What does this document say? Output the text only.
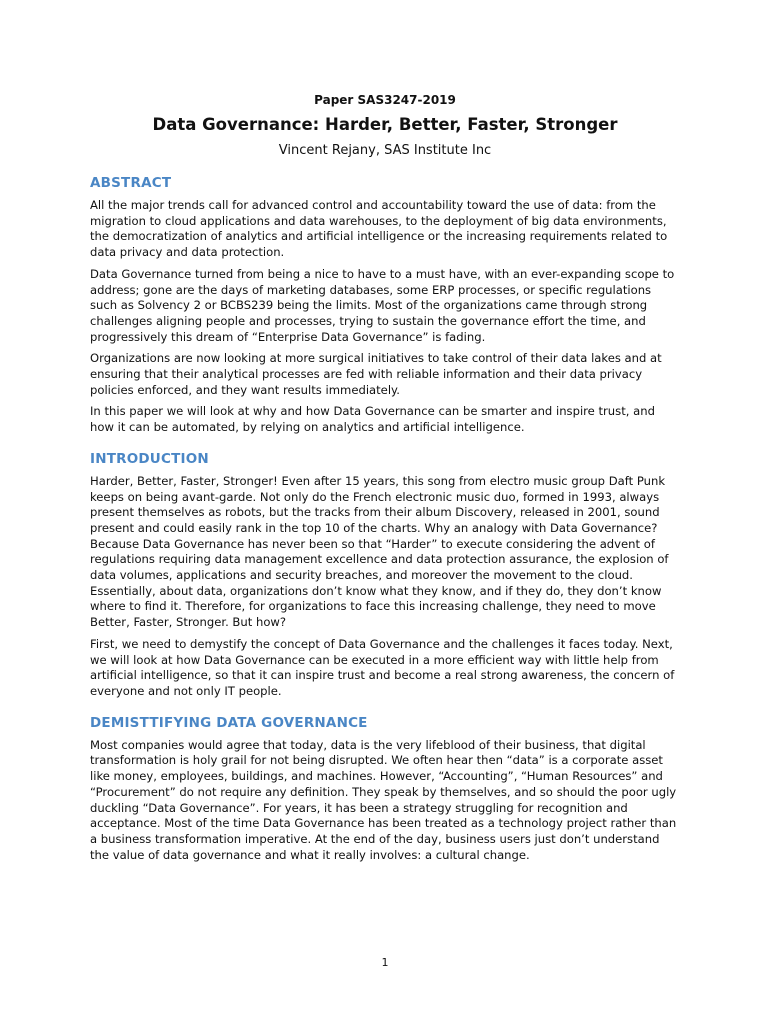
Paper SAS3247-2019
Data Governance: Harder, Better, Faster, Stronger
Vincent Rejany, SAS Institute Inc
ABSTRACT

All the major trends call for advanced control and accountability toward the use of data: from the migration to cloud applications and data warehouses, to the deployment of big data environments, the democratization of analytics and artificial intelligence or the increasing requirements related to data privacy and data protection.

Data Governance turned from being a nice to have to a must have, with an ever-expanding scope to address; gone are the days of marketing databases, some ERP processes, or specific regulations such as Solvency 2 or BCBS239 being the limits. Most of the organizations came through strong challenges aligning people and processes, trying to sustain the governance effort the time, and progressively this dream of “Enterprise Data Governance” is fading.

Organizations are now looking at more surgical initiatives to take control of their data lakes and at ensuring that their analytical processes are fed with reliable information and their data privacy policies enforced, and they want results immediately.

In this paper we will look at why and how Data Governance can be smarter and inspire trust, and how it can be automated, by relying on analytics and artificial intelligence.

INTRODUCTION

Harder, Better, Faster, Stronger! Even after 15 years, this song from electro music group Daft Punk keeps on being avant-garde. Not only do the French electronic music duo, formed in 1993, always present themselves as robots, but the tracks from their album Discovery, released in 2001, sound present and could easily rank in the top 10 of the charts. Why an analogy with Data Governance? Because Data Governance has never been so that “Harder” to execute considering the advent of regulations requiring data management excellence and data protection assurance, the explosion of data volumes, applications and security breaches, and moreover the movement to the cloud. Essentially, about data, organizations don’t know what they know, and if they do, they don’t know where to find it. Therefore, for organizations to face this increasing challenge, they need to move Better, Faster, Stronger. But how?

First, we need to demystify the concept of Data Governance and the challenges it faces today. Next, we will look at how Data Governance can be executed in a more efficient way with little help from artificial intelligence, so that it can inspire trust and become a real strong awareness, the concern of everyone and not only IT people.

DEMISTTIFYING DATA GOVERNANCE

Most companies would agree that today, data is the very lifeblood of their business, that digital transformation is holy grail for not being disrupted. We often hear then “data” is a corporate asset like money, employees, buildings, and machines. However, “Accounting”, “Human Resources” and “Procurement” do not require any definition. They speak by themselves, and so should the poor ugly duckling “Data Governance”. For years, it has been a strategy struggling for recognition and acceptance. Most of the time Data Governance has been treated as a technology project rather than a business transformation imperative. At the end of the day, business users just don’t understand the value of data governance and what it really involves: a cultural change.

1
